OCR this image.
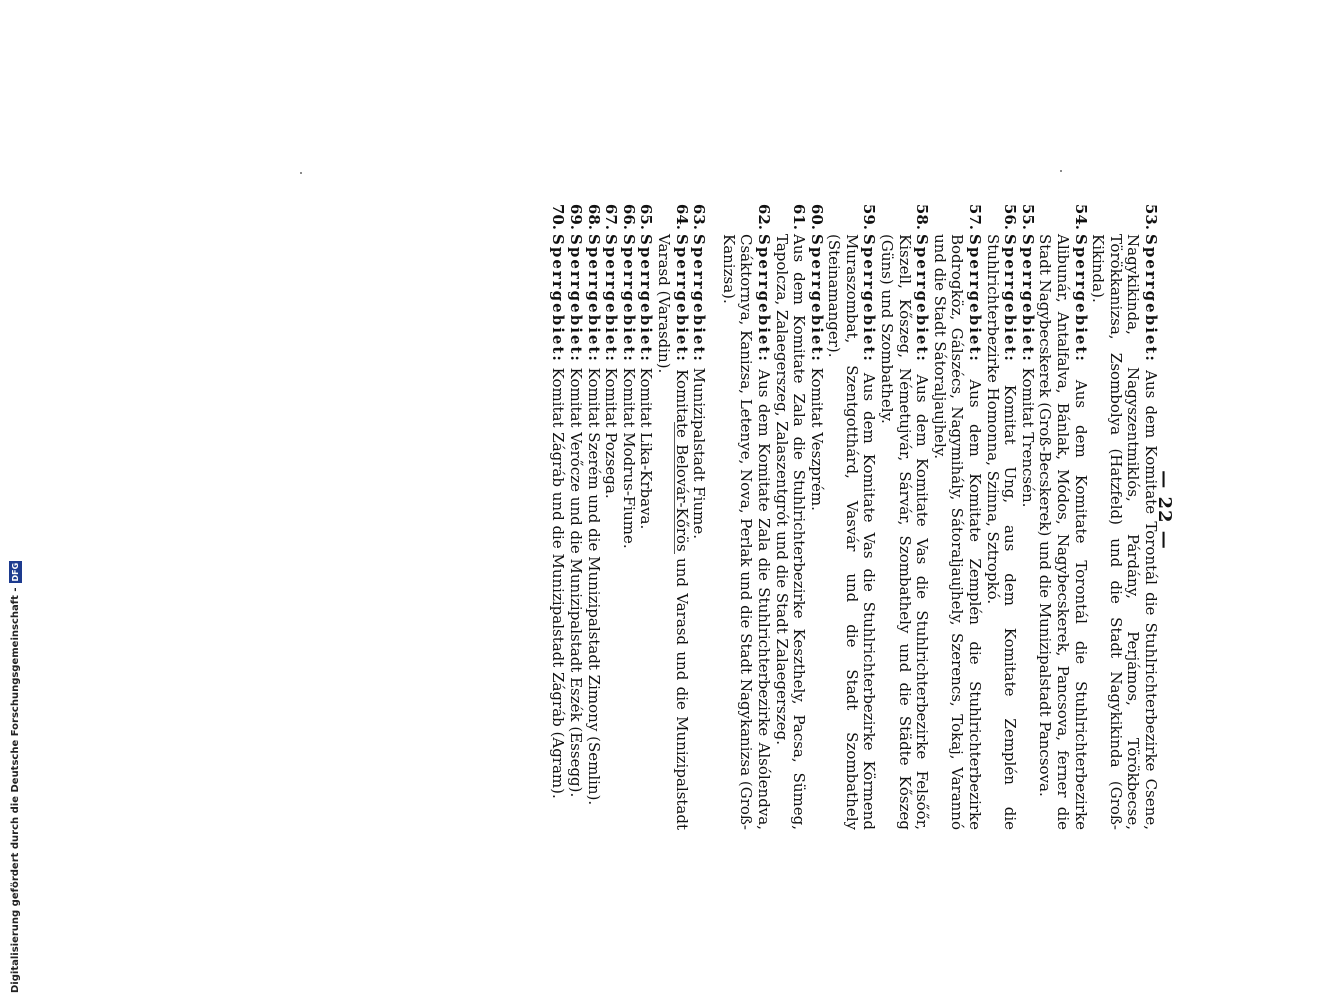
— 22 —
53.
Sperrgebiet: Aus dem Komitate Torontál die Stuhlrichterbezirke Csene, Nagykikinda, Nagyszentmiklós, Párdány, Perjámos, Törökbecse, Törökkanizsa, Zsombolya (Hatzfeld) und die Stadt Nagykikinda (Groß-Kikinda).
54.
Sperrgebiet: Aus dem Komitate Torontál die Stuhlrichterbezirke Alibunár, Antalfalva, Bánlak, Módos, Nagybecskerek, Pancsova, ferner die Stadt Nagybecskerek (Groß-Becskerek) und die Munizipalstadt Pancsova.
55.
Sperrgebiet: Komitat Trencsén.
56.
Sperrgebiet: Komitat Ung, aus dem Komitate Zemplén die Stuhlrichterbezirke Homonna, Szinna, Sztropkó.
57.
Sperrgebiet: Aus dem Komitate Zemplén die Stuhlrichterbezirke Bodrogköz, Gálszécs, Nagymihály, Sátoraljaujhely, Szerencs, Tokaj, Varannó und die Stadt Sátoraljaujhely.
58.
Sperrgebiet: Aus dem Komitate Vas die Stuhlrichterbezirke Felsőőr, Kiszell, Kőszeg, Németujvár, Sárvár, Szombathely und die Städte Kőszeg (Güns) und Szombathely.
59.
Sperrgebiet: Aus dem Komitate Vas die Stuhlrichterbezirke Körmend Muraszombat, Szentgotthárd, Vasvár und die Stadt Szombathely (Steinamanger).
60.
Sperrgebiet: Komitat Veszprém.
61.
Aus dem Komitate Zala die Stuhlrichterbezirke Keszthely, Pacsa, Sümeg, Tapolcza, Zalaegerszeg, Zalaszentgrót und die Stadt Zalaegerszeg.
62.
Sperrgebiet: Aus dem Komitate Zala die Stuhlrichterbezirke Alsólendva, Csáktornya, Kanizsa, Letenye, Nova, Perlak und die Stadt Nagykanizsa (Groß-Kanizsa).
63.
Sperrgebiet: Munizipalstadt Fiume.
64.
Sperrgebiet: Komitate Belovár-Kőrös und Varasd und die Munizipalstadt Varasd (Varasdin).
65.
Sperrgebiet: Komitat Lika-Krbava.
66.
Sperrgebiet: Komitat Modrus-Fiume.
67.
Sperrgebiet: Komitat Pozsega.
68.
Sperrgebiet: Komitat Szerém und die Munizipalstadt Zimony (Semlin).
69.
Sperrgebiet: Komitat Verőcze und die Munizipalstadt Eszék (Essegg).
70.
Sperrgebiet: Komitat Zágráb und die Munizipalstadt Zágráb (Agram).
Digitalisierung gefördert durch die Deutsche Forschungsgemeinschaft -
DFG
